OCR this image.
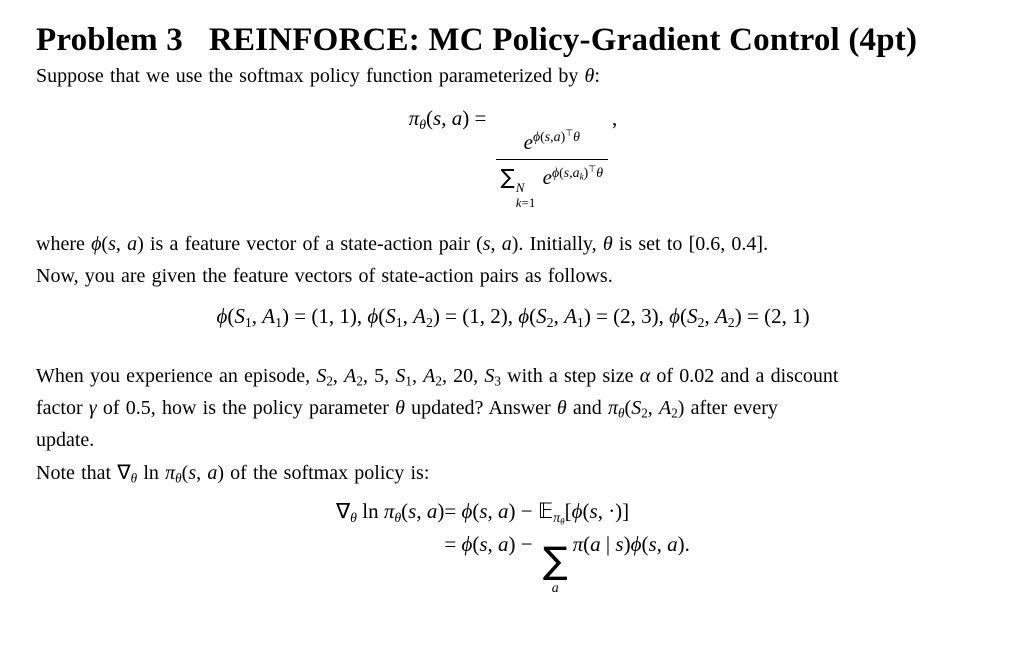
Problem 3 REINFORCE: MC Policy-Gradient Control (4pt)

Suppose that we use the softmax policy function parameterized by θ:

πθ(s, a) =
$e^{\phi(s,a)^⊤\theta}$
∑ N
k=1
$e^{\phi(s,ak)^⊤\theta}$
,

where ϕ(s, a) is a feature vector of a state-action pair (s, a). Initially, θ is set to [0.6, 0.4].

Now, you are given the feature vectors of state-action pairs as follows.

ϕ(S1, A1) = (1, 1), ϕ(S1, A2) = (1, 2), ϕ(S2, A1) = (2, 3), ϕ(S2, A2) = (2, 1)

When you experience an episode, S2, A2, 5, S1, A2, 20, S3 with a step size α of 0.02 and a discount
factor γ of 0.5, how is the policy parameter θ updated? Answer θ and πθ(S2, A2) after every
update.

Note that ∇θ ln πθ(s, a) of the softmax policy is:

∇θ ln πθ(s, a)	= ϕ(s, a) − 𝔼πθ[ϕ(s, ·)]
	= ϕ(s, a) − ∑
a
π(a | s)ϕ(s, a).
